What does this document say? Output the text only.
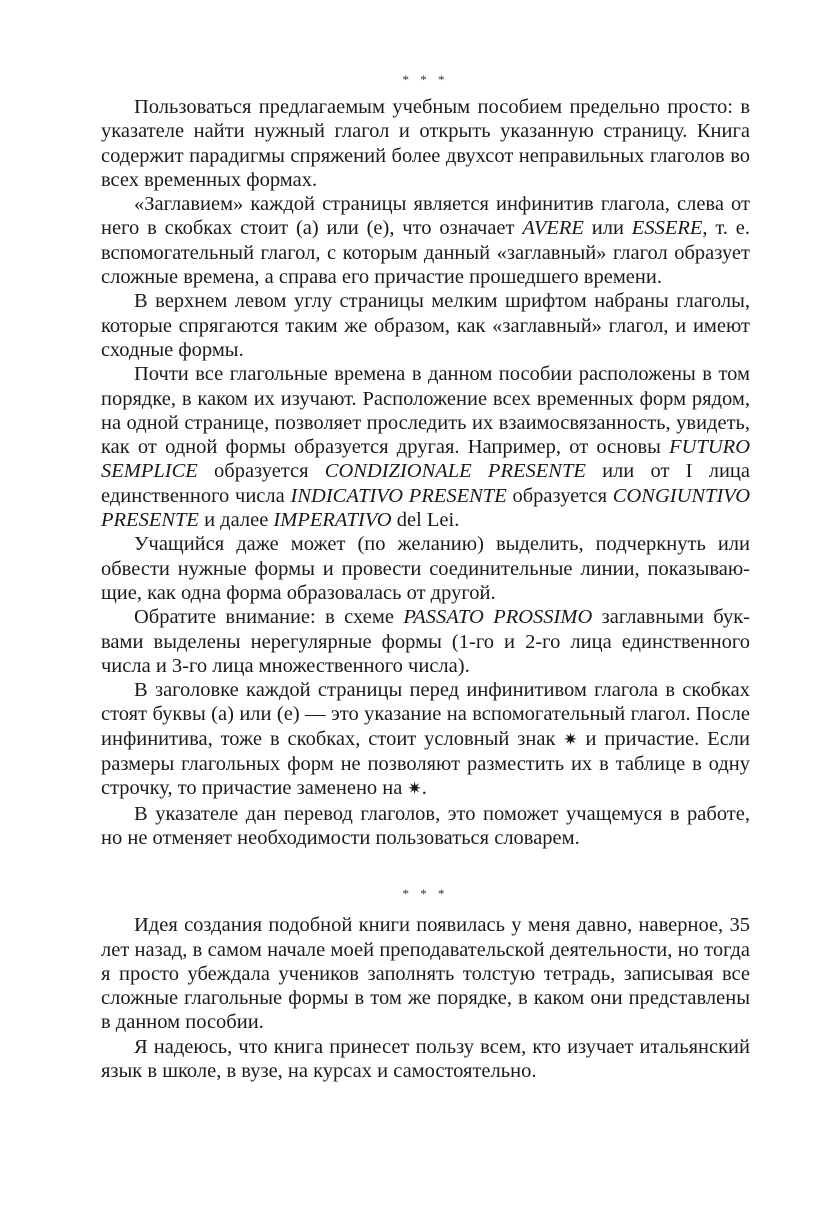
* * *

Пользоваться предлагаемым учебным пособием предельно просто: в указателе найти нужный глагол и открыть указанную страницу. Книга содержит парадигмы спряжений более двухсот неправильных глаголов во всех временных формах.

«Заглавием» каждой страницы является инфинитив глагола, слева от него в скобках стоит (а) или (е), что означает AVERE или ESSERE, т. е. вспомогательный глагол, с которым данный «заглавный» глагол образует сложные времена, а справа его причастие прошедшего времени.

В верхнем левом углу страницы мелким шрифтом набраны глаголы, которые спрягаются таким же образом, как «заглавный» глагол, и имеют сходные формы.

Почти все глагольные времена в данном пособии расположены в том порядке, в каком их изучают. Расположение всех временных форм рядом, на одной странице, позволяет проследить их взаимосвязанность, увидеть, как от одной формы образуется другая. Например, от основы FUTURO SEMPLICE образуется CONDIZIONALE PRESENTE или от I лица единственного числа INDICATIVO PRESENTE образуется CONGIUNTIVO PRESENTE и далее IMPERATIVO del Lei.

Учащийся даже может (по желанию) выделить, подчеркнуть или обвести нужные формы и провести соединительные линии, показывающие, как одна форма образовалась от другой.

Обратите внимание: в схеме PASSATO PROSSIMO заглавными буквами выделены нерегулярные формы (1-го и 2-го лица единственного числа и 3-го лица множественного числа).

В заголовке каждой страницы перед инфинитивом глагола в скобках стоят буквы (а) или (е) — это указание на вспомогательный глагол. После инфинитива, тоже в скобках, стоит условный знак ✷ и причастие. Если размеры глагольных форм не позволяют разместить их в таблице в одну строчку, то причастие заменено на ✷.

В указателе дан перевод глаголов, это поможет учащемуся в работе, но не отменяет необходимости пользоваться словарем.

* * *

Идея создания подобной книги появилась у меня давно, наверное, 35 лет назад, в самом начале моей преподавательской деятельности, но тогда я просто убеждала учеников заполнять толстую тетрадь, записывая все сложные глагольные формы в том же порядке, в каком они представлены в данном пособии.

Я надеюсь, что книга принесет пользу всем, кто изучает итальянский язык в школе, в вузе, на курсах и самостоятельно.
